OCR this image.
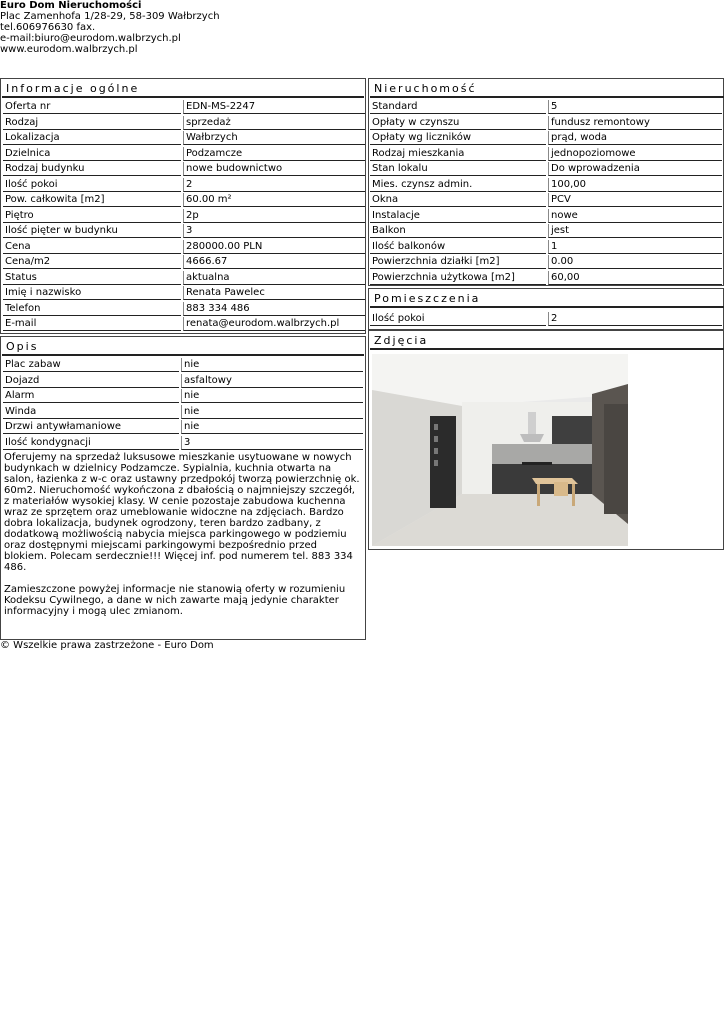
Euro Dom Nieruchomości
Plac Zamenhofa 1/28-29, 58-309 Wałbrzych
tel.606976630 fax.
e-mail:biuro@eurodom.walbrzych.pl
www.eurodom.walbrzych.pl
Informacje ogólne
Oferta nr	EDN-MS-2247
Rodzaj	sprzedaż
Lokalizacja	Wałbrzych
Dzielnica	Podzamcze
Rodzaj budynku	nowe budownictwo
Ilość pokoi	2
Pow. całkowita [m2]	60.00 m²
Piętro	2p
Ilość pięter w budynku	3
Cena	280000.00 PLN
Cena/m2	4666.67
Status	aktualna
Imię i nazwisko	Renata Pawelec
Telefon	883 334 486
E-mail	renata@eurodom.walbrzych.pl
Opis
Plac zabaw	nie
Dojazd	asfaltowy
Alarm	nie
Winda	nie
Drzwi antywłamaniowe	nie
Ilość kondygnacji	3

Oferujemy na sprzedaż luksusowe mieszkanie usytuowane w nowych budynkach w dzielnicy Podzamcze. Sypialnia, kuchnia otwarta na salon, łazienka z w-c oraz ustawny przedpokój tworzą powierzchnię ok. 60m2. Nieruchomość wykończona z dbałością o najmniejszy szczegół, z materiałów wysokiej klasy. W cenie pozostaje zabudowa kuchenna wraz ze sprzętem oraz umeblowanie widoczne na zdjęciach. Bardzo dobra lokalizacja, budynek ogrodzony, teren bardzo zadbany, z dodatkową możliwością nabycia miejsca parkingowego w podziemiu oraz dostępnymi miejscami parkingowymi bezpośrednio przed blokiem. Polecam serdecznie!!! Więcej inf. pod numerem tel. 883 334 486.

Zamieszczone powyżej informacje nie stanowią oferty w rozumieniu Kodeksu Cywilnego, a dane w nich zawarte mają jedynie charakter informacyjny i mogą ulec zmianom.

Nieruchomość
Standard	5
Opłaty w czynszu	fundusz remontowy
Opłaty wg liczników	prąd, woda
Rodzaj mieszkania	jednopoziomowe
Stan lokalu	Do wprowadzenia
Mies. czynsz admin.	100,00
Okna	PCV
Instalacje	nowe
Balkon	jest
Ilość balkonów	1
Powierzchnia działki [m2]	0.00
Powierzchnia użytkowa [m2]	60,00
Pomieszczenia
Ilość pokoi	2
Zdjęcia
© Wszelkie prawa zastrzeżone - Euro Dom
